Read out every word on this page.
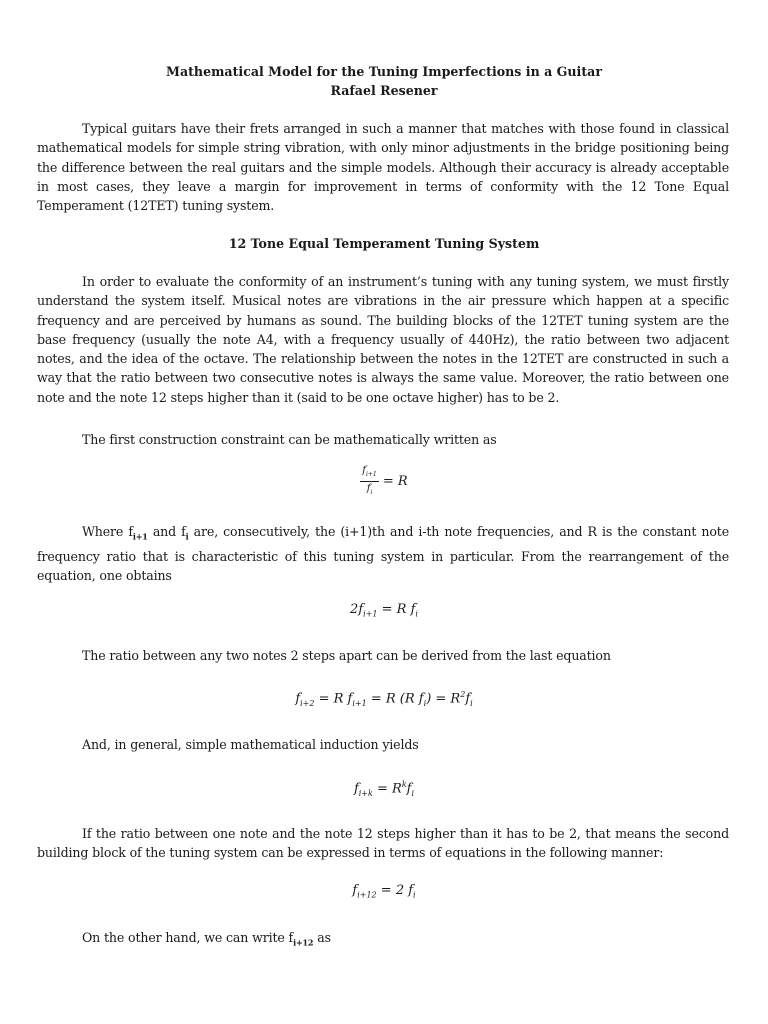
Mathematical Model for the Tuning Imperfections in a Guitar
Rafael Resener

Typical guitars have their frets arranged in such a manner that matches with those found in classical mathematical models for simple string vibration, with only minor adjustments in the bridge positioning being the difference between the real guitars and the simple models. Although their accuracy is already acceptable in most cases, they leave a margin for improvement in terms of conformity with the 12 Tone Equal Temperament (12TET) tuning system.

12 Tone Equal Temperament Tuning System

In order to evaluate the conformity of an instrument’s tuning with any tuning system, we must firstly understand the system itself. Musical notes are vibrations in the air pressure which happen at a specific frequency and are perceived by humans as sound. The building blocks of the 12TET tuning system are the base frequency (usually the note A4, with a frequency usually of 440Hz), the ratio between two adjacent notes, and the idea of the octave. The relationship between the notes in the 12TET are constructed in such a way that the ratio between two consecutive notes is always the same value. Moreover, the ratio between one note and the note 12 steps higher than it (said to be one octave higher) has to be 2.

The first construction constraint can be mathematically written as

$\frac{f_{i+1}}{f_i} = R$

Where $f_{i+1}$ and $f_i$ are, consecutively, the (i+1)th and i-th note frequencies, and R is the constant note frequency ratio that is characteristic of this tuning system in particular. From the rearrangement of the equation, one obtains

$2f_{i+1} = R$ $f_i$

The ratio between any two notes 2 steps apart can be derived from the last equation

$f_{i+2} = R$ $f_{i+1} = R$ (R $f_i) = R^2f_i$

And, in general, simple mathematical induction yields

$f_{i+k} = R^kf_i$

If the ratio between one note and the note 12 steps higher than it has to be 2, that means the second building block of the tuning system can be expressed in terms of equations in the following manner:

$f_{i+12} = 2$ $f_i$

On the other hand, we can write $f_{i+12}$ as
